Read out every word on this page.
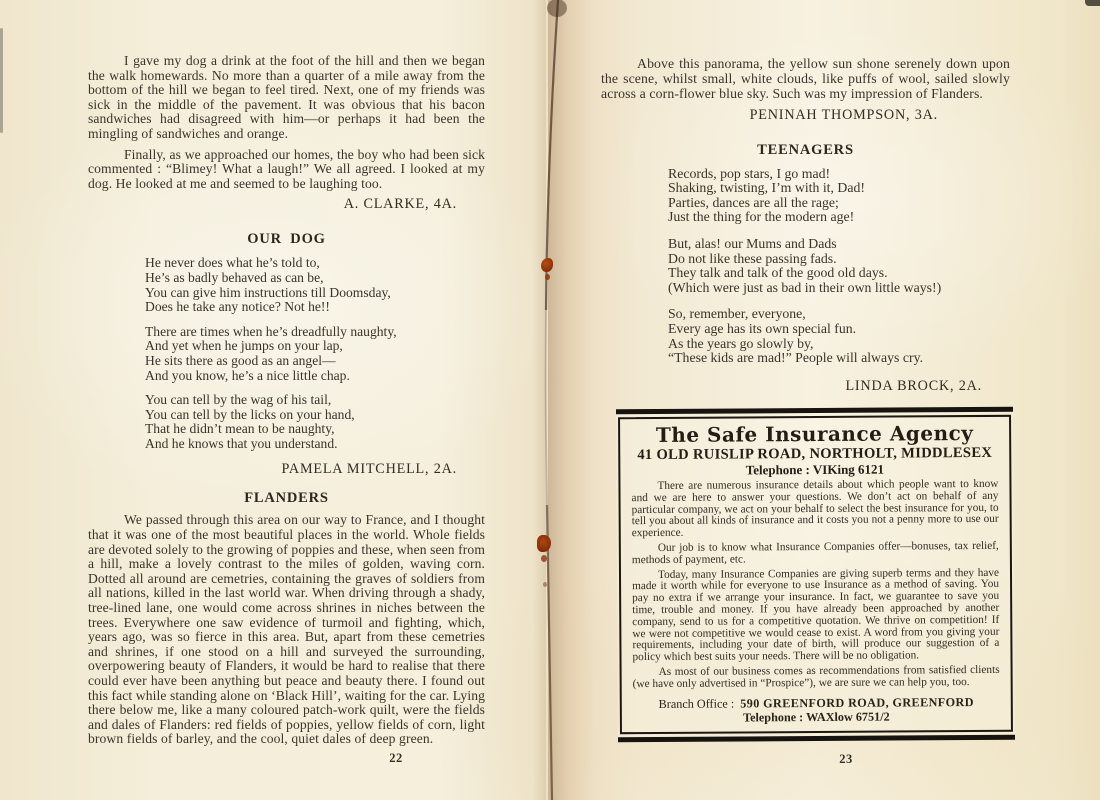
I gave my dog a drink at the foot of the hill and then we began the walk homewards. No more than a quarter of a mile away from the bottom of the hill we began to feel tired. Next, one of my friends was sick in the middle of the pavement. It was obvious that his bacon sandwiches had disagreed with him—or perhaps it had been the mingling of sandwiches and orange.

Finally, as we approached our homes, the boy who had been sick commented : “Blimey! What a laugh!” We all agreed. I looked at my dog. He looked at me and seemed to be laughing too.

A. CLARKE, 4A.
OUR DOG
He never does what he’s told to,
He’s as badly behaved as can be,
You can give him instructions till Doomsday,
Does he take any notice? Not he!!
There are times when he’s dreadfully naughty,
And yet when he jumps on your lap,
He sits there as good as an angel—
And you know, he’s a nice little chap.
You can tell by the wag of his tail,
You can tell by the licks on your hand,
That he didn’t mean to be naughty,
And he knows that you understand.
PAMELA MITCHELL, 2A.
FLANDERS

We passed through this area on our way to France, and I thought that it was one of the most beautiful places in the world. Whole fields are devoted solely to the growing of poppies and these, when seen from a hill, make a lovely contrast to the miles of golden, waving corn. Dotted all around are cemetries, containing the graves of soldiers from all nations, killed in the last world war. When driving through a shady, tree-lined lane, one would come across shrines in niches between the trees. Everywhere one saw evidence of turmoil and fighting, which, years ago, was so fierce in this area. But, apart from these cemetries and shrines, if one stood on a hill and surveyed the surrounding, overpowering beauty of Flanders, it would be hard to realise that there could ever have been anything but peace and beauty there. I found out this fact while standing alone on ‘Black Hill’, waiting for the car. Lying there below me, like a many coloured patch-work quilt, were the fields and dales of Flanders: red fields of poppies, yellow fields of corn, light brown fields of barley, and the cool, quiet dales of deep green.

Above this panorama, the yellow sun shone serenely down upon the scene, whilst small, white clouds, like puffs of wool, sailed slowly across a corn-flower blue sky. Such was my impression of Flanders.

PENINAH THOMPSON, 3A.
TEENAGERS
Records, pop stars, I go mad!
Shaking, twisting, I’m with it, Dad!
Parties, dances are all the rage;
Just the thing for the modern age!
But, alas! our Mums and Dads
Do not like these passing fads.
They talk and talk of the good old days.
(Which were just as bad in their own little ways!)
So, remember, everyone,
Every age has its own special fun.
As the years go slowly by,
“These kids are mad!” People will always cry.
LINDA BROCK, 2A.
The Safe Insurance Agency
41 OLD RUISLIP ROAD, NORTHOLT, MIDDLESEX
Telephone : VIKing 6121

There are numerous insurance details about which people want to know and we are here to answer your questions. We don’t act on behalf of any particular company, we act on your behalf to select the best insurance for you, to tell you about all kinds of insurance and it costs you not a penny more to use our experience.

Our job is to know what Insurance Companies offer—bonuses, tax relief, methods of payment, etc.

Today, many Insurance Companies are giving superb terms and they have made it worth while for everyone to use Insurance as a method of saving. You pay no extra if we arrange your insurance. In fact, we guarantee to save you time, trouble and money. If you have already been approached by another company, send to us for a competitive quotation. We thrive on competition! If we were not competitive we would cease to exist. A word from you giving your requirements, including your date of birth, will produce our suggestion of a policy which best suits your needs. There will be no obligation.

As most of our business comes as recommendations from satisfied clients (we have only advertised in “Prospice”), we are sure we can help you, too.

Branch Office : 590 GREENFORD ROAD, GREENFORD
Telephone : WAXlow 6751/2
22	23
